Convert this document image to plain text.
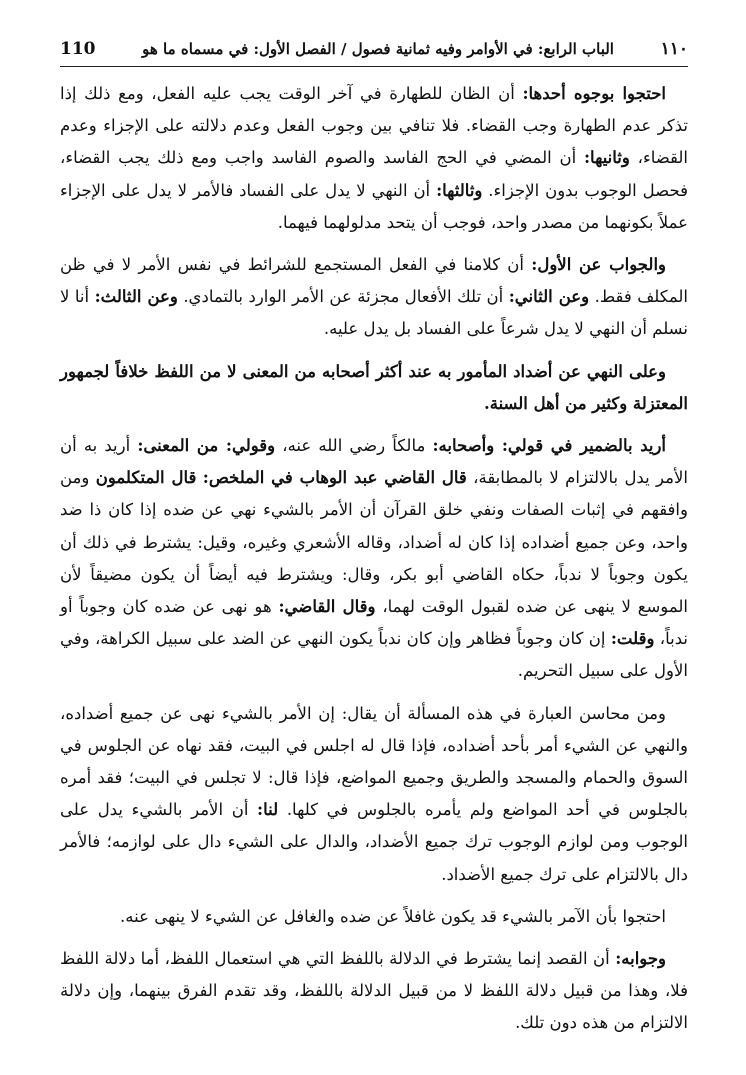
١١٠
الباب الرابع: في الأوامر وفيه ثمانية فصول / الفصل الأول: في مسماه ما هو
110

احتجوا بوجوه أحدها: أن الظان للطهارة في آخر الوقت يجب عليه الفعل، ومع ذلك إذا تذكر عدم الطهارة وجب القضاء. فلا تنافي بين وجوب الفعل وعدم دلالته على الإجزاء وعدم القضاء، وثانيها: أن المضي في الحج الفاسد والصوم الفاسد واجب ومع ذلك يجب القضاء، فحصل الوجوب بدون الإجزاء. وثالثها: أن النهي لا يدل على الفساد فالأمر لا يدل على الإجزاء عملاً بكونهما من مصدر واحد، فوجب أن يتحد مدلولهما فيهما.

والجواب عن الأول: أن كلامنا في الفعل المستجمع للشرائط في نفس الأمر لا في ظن المكلف فقط. وعن الثاني: أن تلك الأفعال مجزئة عن الأمر الوارد بالتمادي. وعن الثالث: أنا لا نسلم أن النهي لا يدل شرعاً على الفساد بل يدل عليه.

وعلى النهي عن أضداد المأمور به عند أكثر أصحابه من المعنى لا من اللفظ خلافاً لجمهور المعتزلة وكثير من أهل السنة.

أريد بالضمير في قولي: وأصحابه: مالكاً رضي الله عنه، وقولي: من المعنى: أريد به أن الأمر يدل بالالتزام لا بالمطابقة، قال القاضي عبد الوهاب في الملخص: قال المتكلمون ومن وافقهم في إثبات الصفات ونفي خلق القرآن أن الأمر بالشيء نهي عن ضده إذا كان ذا ضد واحد، وعن جميع أضداده إذا كان له أضداد، وقاله الأشعري وغيره، وقيل: يشترط في ذلك أن يكون وجوباً لا ندباً، حكاه القاضي أبو بكر، وقال: ويشترط فيه أيضاً أن يكون مضيقاً لأن الموسع لا ينهى عن ضده لقبول الوقت لهما، وقال القاضي: هو نهى عن ضده كان وجوباً أو ندباً، وقلت: إن كان وجوباً فظاهر وإن كان ندباً يكون النهي عن الضد على سبيل الكراهة، وفي الأول على سبيل التحريم.

ومن محاسن العبارة في هذه المسألة أن يقال: إن الأمر بالشيء نهى عن جميع أضداده، والنهي عن الشيء أمر بأحد أضداده، فإذا قال له اجلس في البيت، فقد نهاه عن الجلوس في السوق والحمام والمسجد والطريق وجميع المواضع، فإذا قال: لا تجلس في البيت؛ فقد أمره بالجلوس في أحد المواضع ولم يأمره بالجلوس في كلها. لنا: أن الأمر بالشيء يدل على الوجوب ومن لوازم الوجوب ترك جميع الأضداد، والدال على الشيء دال على لوازمه؛ فالأمر دال بالالتزام على ترك جميع الأضداد.

احتجوا بأن الآمر بالشيء قد يكون غافلاً عن ضده والغافل عن الشيء لا ينهى عنه.

وجوابه: أن القصد إنما يشترط في الدلالة باللفظ التي هي استعمال اللفظ، أما دلالة اللفظ فلا، وهذا من قبيل دلالة اللفظ لا من قبيل الدلالة باللفظ، وقد تقدم الفرق بينهما، وإن دلالة الالتزام من هذه دون تلك.
